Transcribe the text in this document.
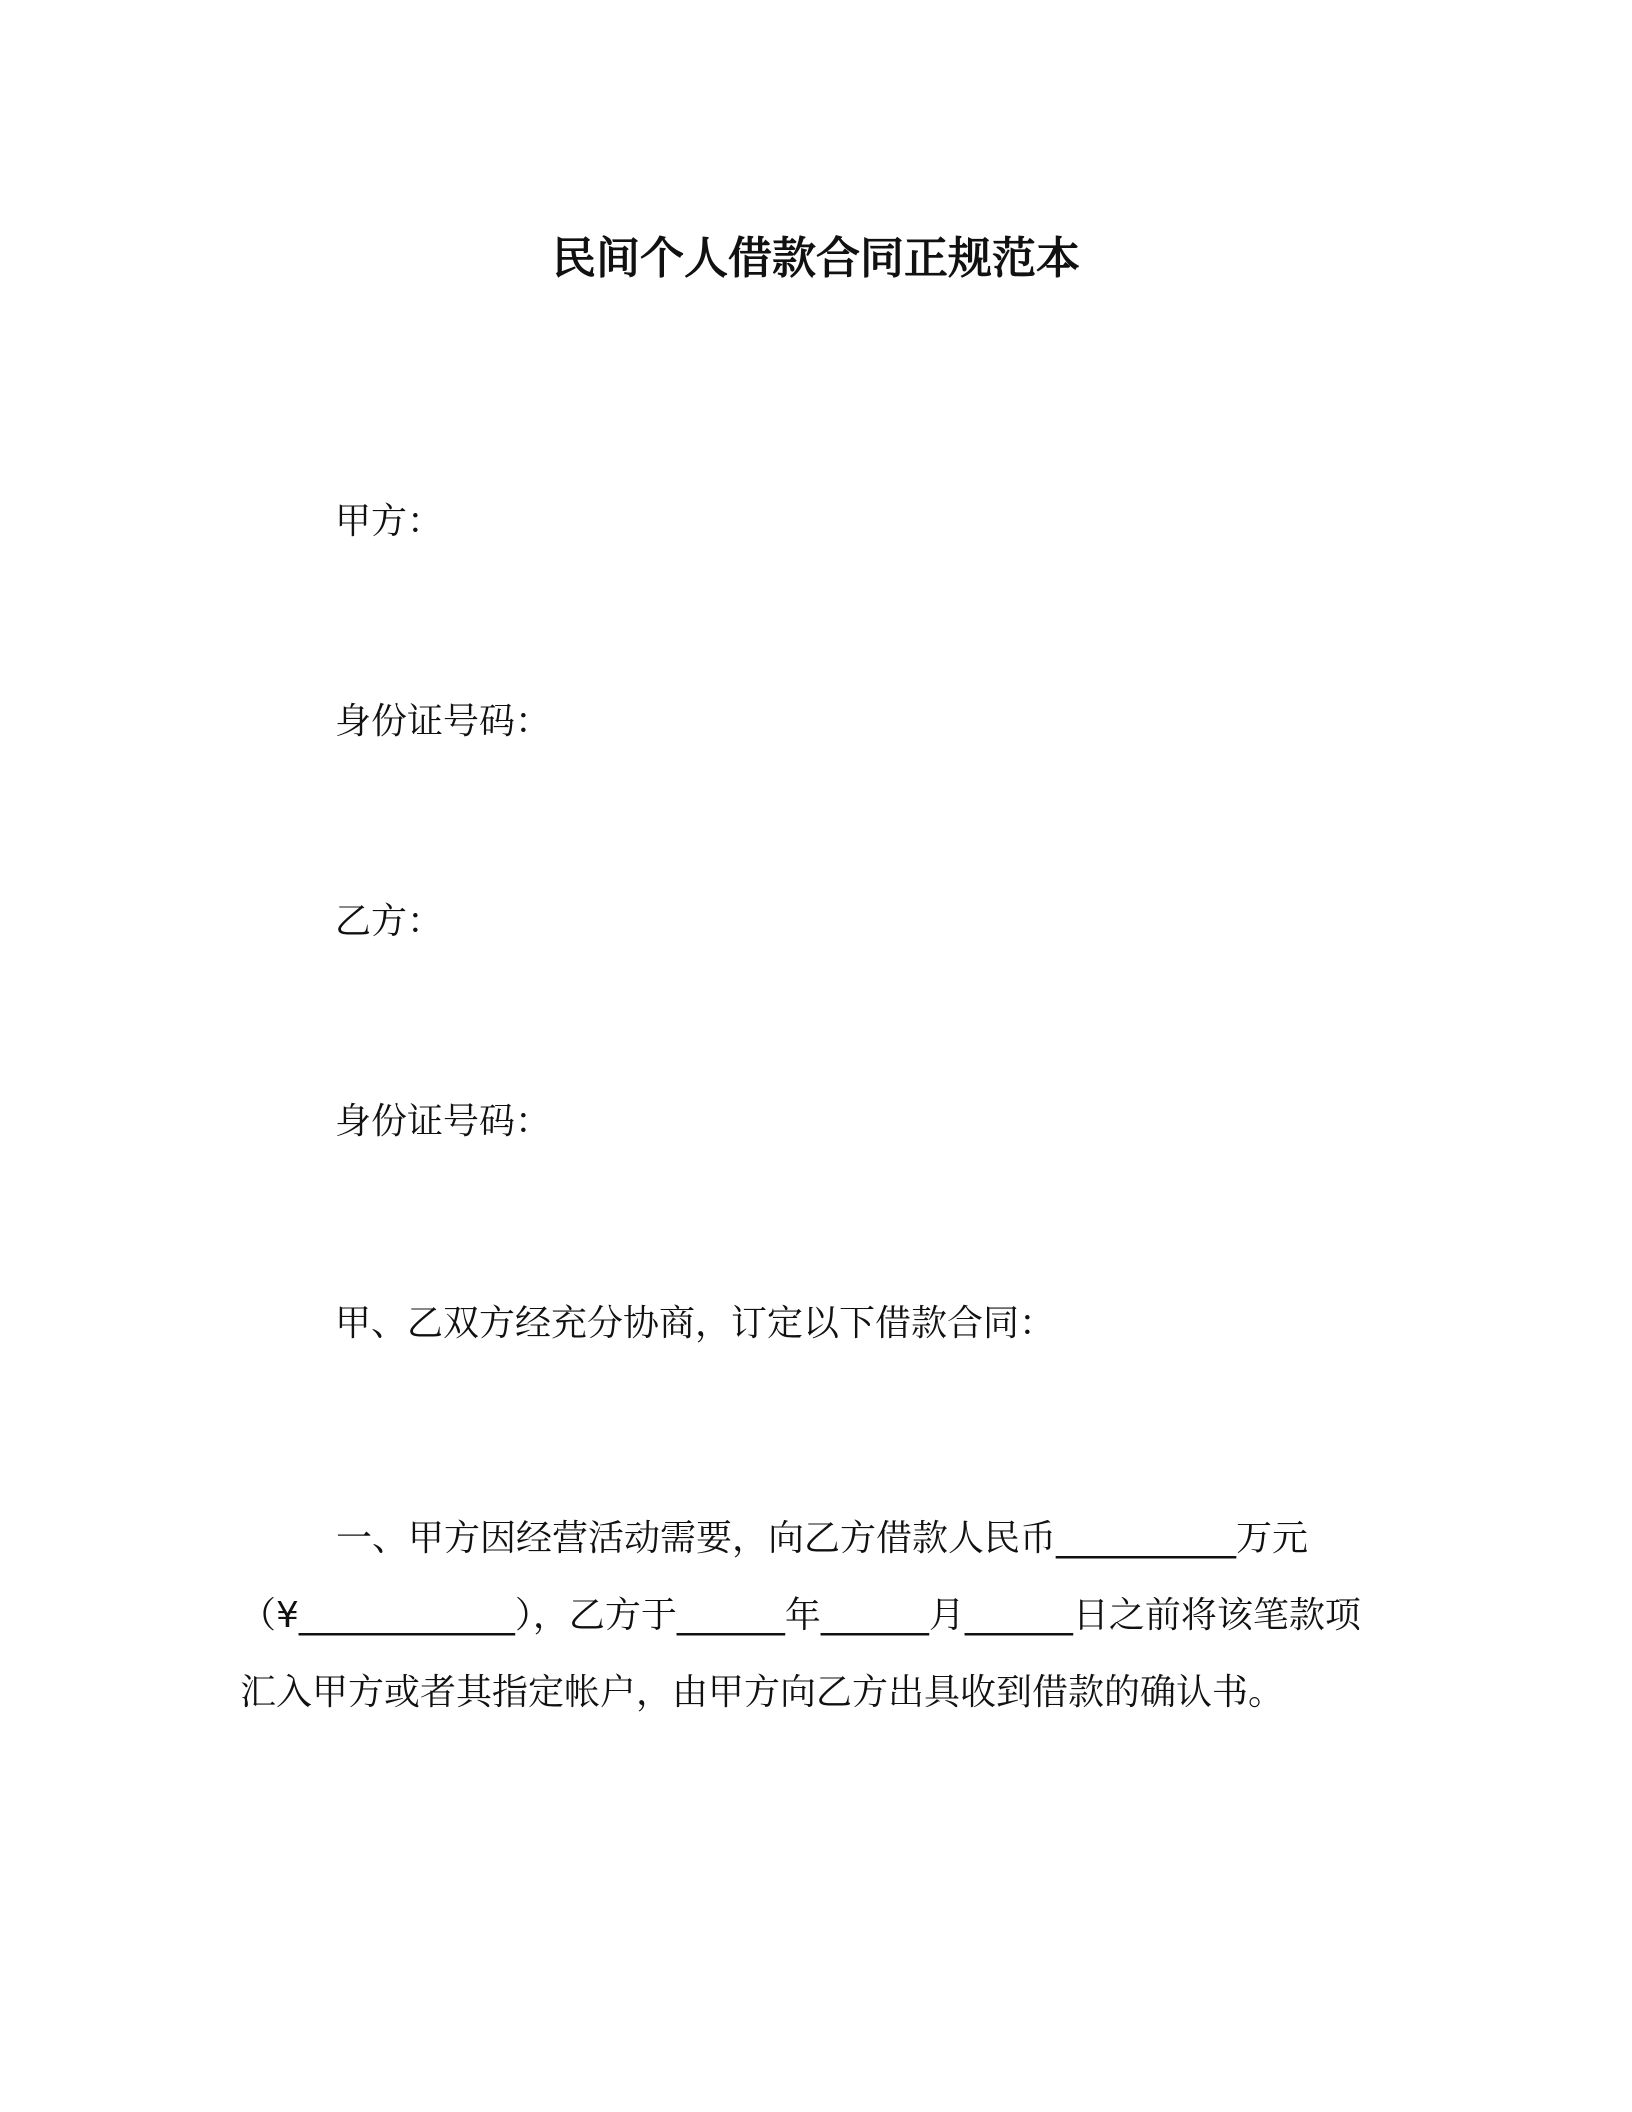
民间个人借款合同正规范本

甲方：

身份证号码：

乙方：

身份证号码：

甲、乙双方经充分协商，订定以下借款合同：

一、甲方因经营活动需要，向乙方借款人民币__________万元（¥____________），乙方于______年______月______日之前将该笔款项汇入甲方或者其指定帐户，由甲方向乙方出具收到借款的确认书。
